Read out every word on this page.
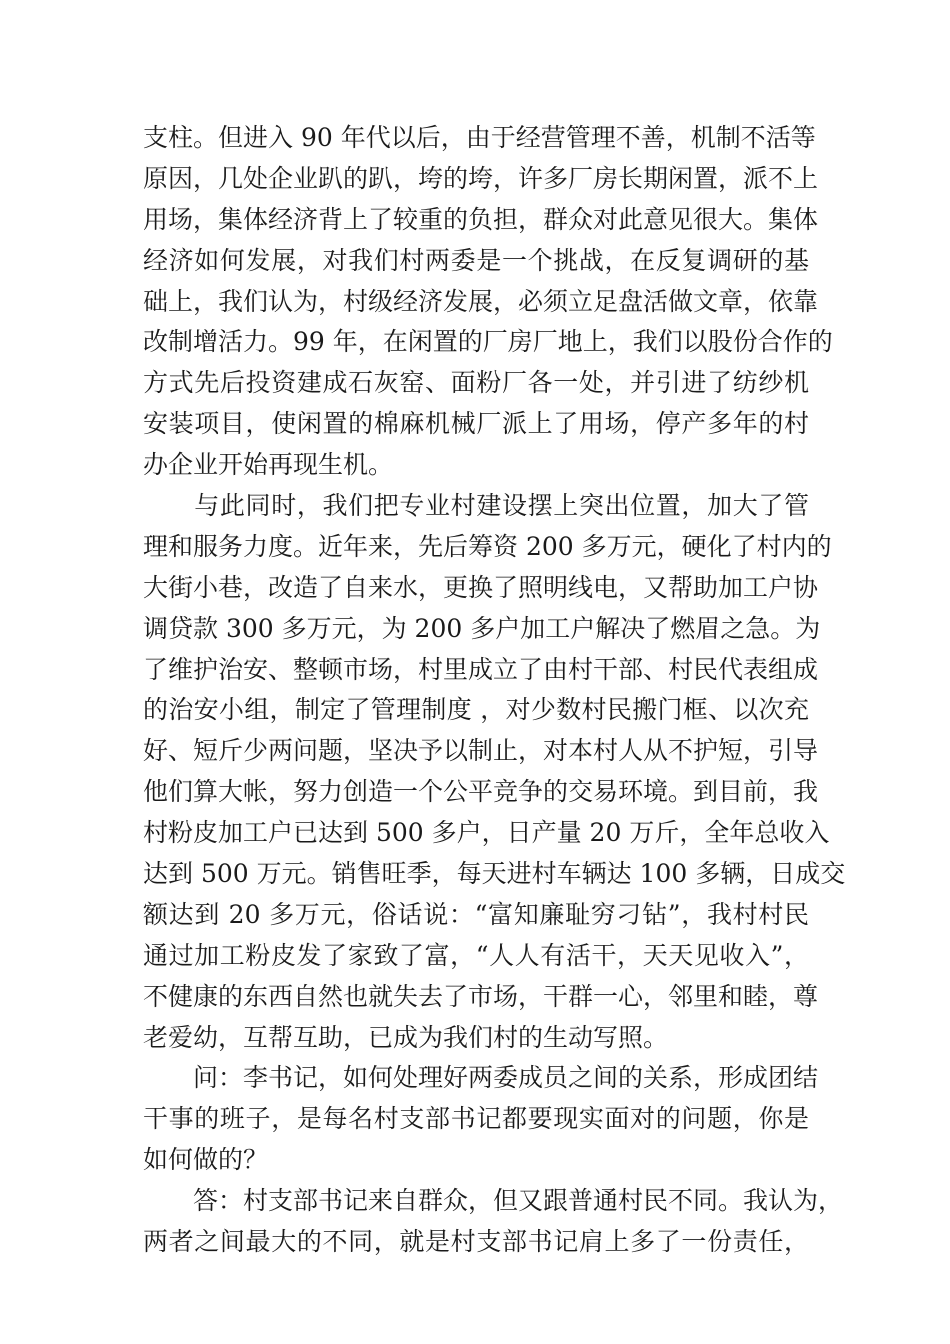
支柱。但进入 90 年代以后，由于经营管理不善，机制不活等
原因，几处企业趴的趴，垮的垮，许多厂房长期闲置，派不上
用场，集体经济背上了较重的负担，群众对此意见很大。集体
经济如何发展，对我们村两委是一个挑战，在反复调研的基
础上，我们认为，村级经济发展，必须立足盘活做文章，依靠
改制增活力。99 年，在闲置的厂房厂地上，我们以股份合作的
方式先后投资建成石灰窑、面粉厂各一处，并引进了纺纱机
安装项目，使闲置的棉麻机械厂派上了用场，停产多年的村
办企业开始再现生机。
　　与此同时，我们把专业村建设摆上突出位置，加大了管
理和服务力度。近年来，先后筹资 200 多万元，硬化了村内的
大街小巷，改造了自来水，更换了照明线电，又帮助加工户协
调贷款 300 多万元，为 200 多户加工户解决了燃眉之急。为
了维护治安、整顿市场，村里成立了由村干部、村民代表组成
的治安小组，制定了管理制度 ，对少数村民搬门框、以次充
好、短斤少两问题，坚决予以制止，对本村人从不护短，引导
他们算大帐，努力创造一个公平竞争的交易环境。到目前，我
村粉皮加工户已达到 500 多户，日产量 20 万斤，全年总收入
达到 500 万元。销售旺季，每天进村车辆达 100 多辆，日成交
额达到 20 多万元，俗话说：“富知廉耻穷刁钻”，我村村民
通过加工粉皮发了家致了富，“人人有活干，天天见收入”，
不健康的东西自然也就失去了市场，干群一心，邻里和睦，尊
老爱幼，互帮互助，已成为我们村的生动写照。
　　问：李书记，如何处理好两委成员之间的关系，形成团结
干事的班子，是每名村支部书记都要现实面对的问题，你是
如何做的？
　　答：村支部书记来自群众，但又跟普通村民不同。我认为，
两者之间最大的不同，就是村支部书记肩上多了一份责任，
